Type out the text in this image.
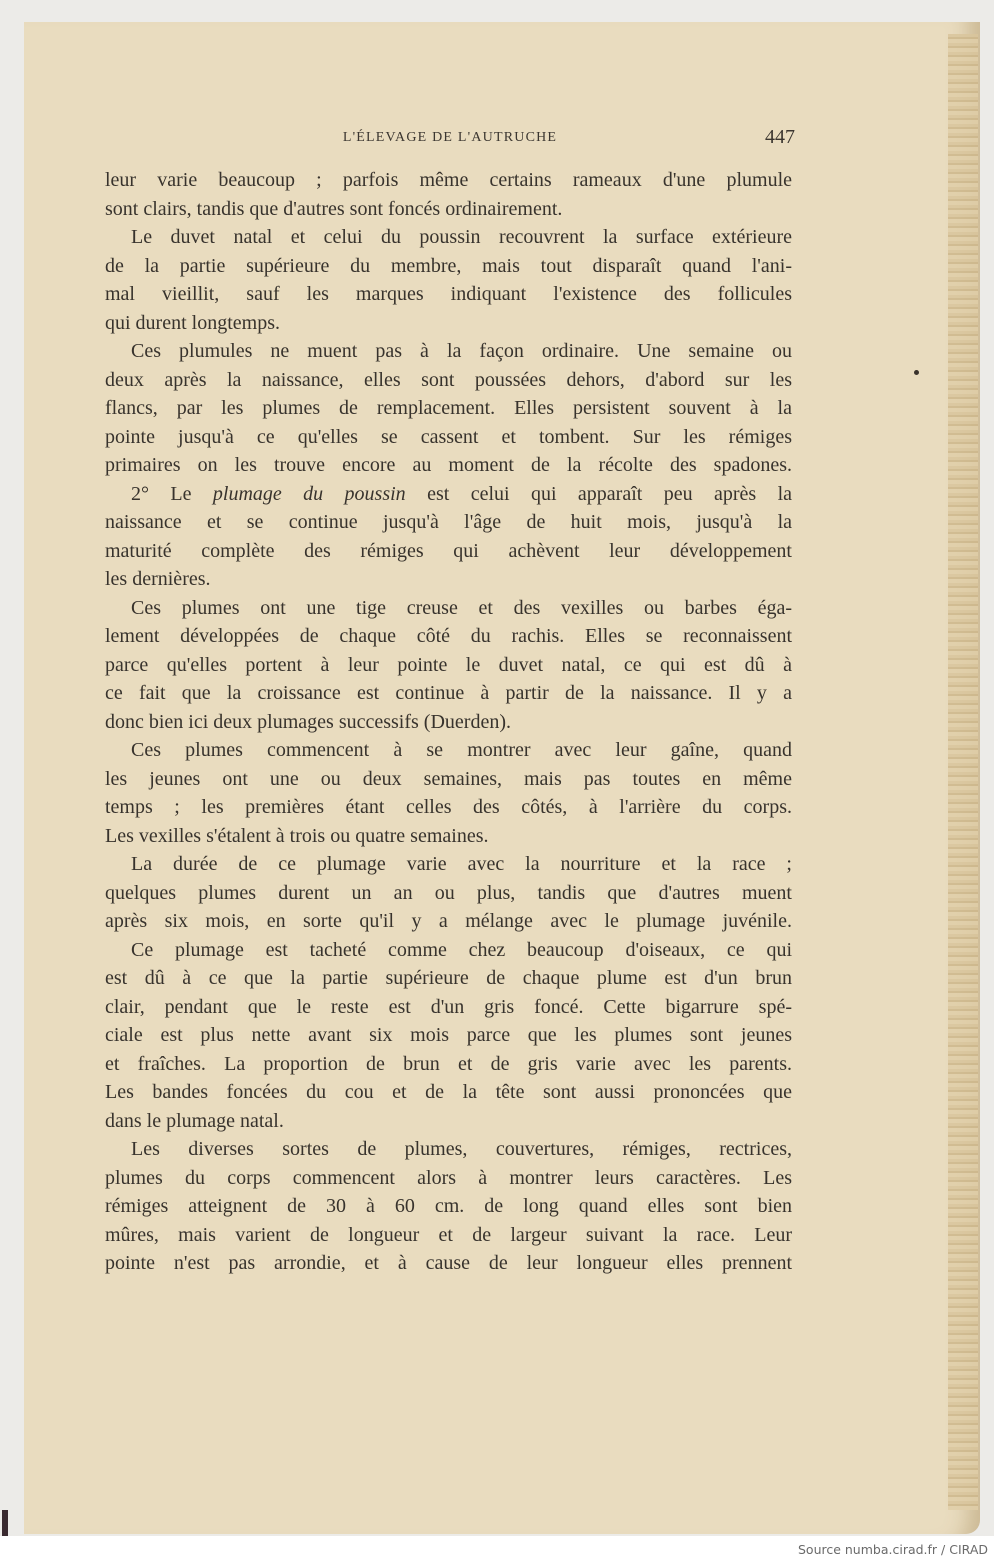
L'ÉLEVAGE DE L'AUTRUCHE	447
leur varie beaucoup ; parfois même certains rameaux d'une plumule
sont clairs, tandis que d'autres sont foncés ordinairement.
Le duvet natal et celui du poussin recouvrent la surface extérieure
de la partie supérieure du membre, mais tout disparaît quand l'ani-
mal vieillit, sauf les marques indiquant l'existence des follicules
qui durent longtemps.
Ces plumules ne muent pas à la façon ordinaire. Une semaine ou
deux après la naissance, elles sont poussées dehors, d'abord sur les
flancs, par les plumes de remplacement. Elles persistent souvent à la
pointe jusqu'à ce qu'elles se cassent et tombent. Sur les rémiges
primaires on les trouve encore au moment de la récolte des spadones.
2° Le plumage du poussin est celui qui apparaît peu après la
naissance et se continue jusqu'à l'âge de huit mois, jusqu'à la
maturité complète des rémiges qui achèvent leur développement
les dernières.
Ces plumes ont une tige creuse et des vexilles ou barbes éga-
lement développées de chaque côté du rachis. Elles se reconnaissent
parce qu'elles portent à leur pointe le duvet natal, ce qui est dû à
ce fait que la croissance est continue à partir de la naissance. Il y a
donc bien ici deux plumages successifs (Duerden).
Ces plumes commencent à se montrer avec leur gaîne, quand
les jeunes ont une ou deux semaines, mais pas toutes en même
temps ; les premières étant celles des côtés, à l'arrière du corps.
Les vexilles s'étalent à trois ou quatre semaines.
La durée de ce plumage varie avec la nourriture et la race ;
quelques plumes durent un an ou plus, tandis que d'autres muent
après six mois, en sorte qu'il y a mélange avec le plumage juvénile.
Ce plumage est tacheté comme chez beaucoup d'oiseaux, ce qui
est dû à ce que la partie supérieure de chaque plume est d'un brun
clair, pendant que le reste est d'un gris foncé. Cette bigarrure spé-
ciale est plus nette avant six mois parce que les plumes sont jeunes
et fraîches. La proportion de brun et de gris varie avec les parents.
Les bandes foncées du cou et de la tête sont aussi prononcées que
dans le plumage natal.
Les diverses sortes de plumes, couvertures, rémiges, rectrices,
plumes du corps commencent alors à montrer leurs caractères. Les
rémiges atteignent de 30 à 60 cm. de long quand elles sont bien
mûres, mais varient de longueur et de largeur suivant la race. Leur
pointe n'est pas arrondie, et à cause de leur longueur elles prennent
Source numba.cirad.fr / CIRAD
